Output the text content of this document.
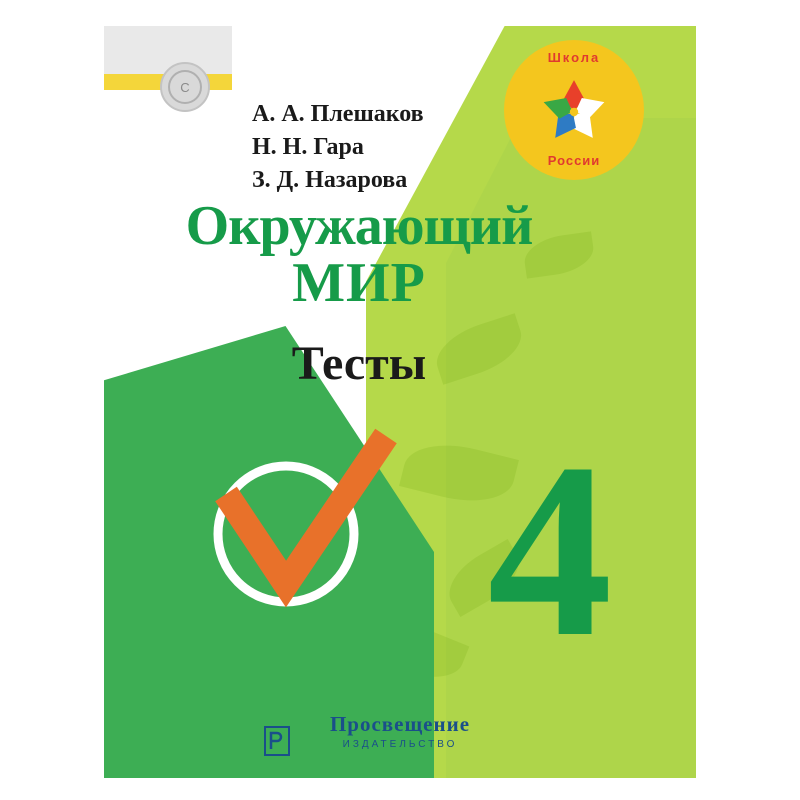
С
Школа
России
А. А. Плешаков
Н. Н. Гара
З. Д. Назарова
Окружающий
МИР
Тесты
4
Просвещение
ИЗДАТЕЛЬСТВО
